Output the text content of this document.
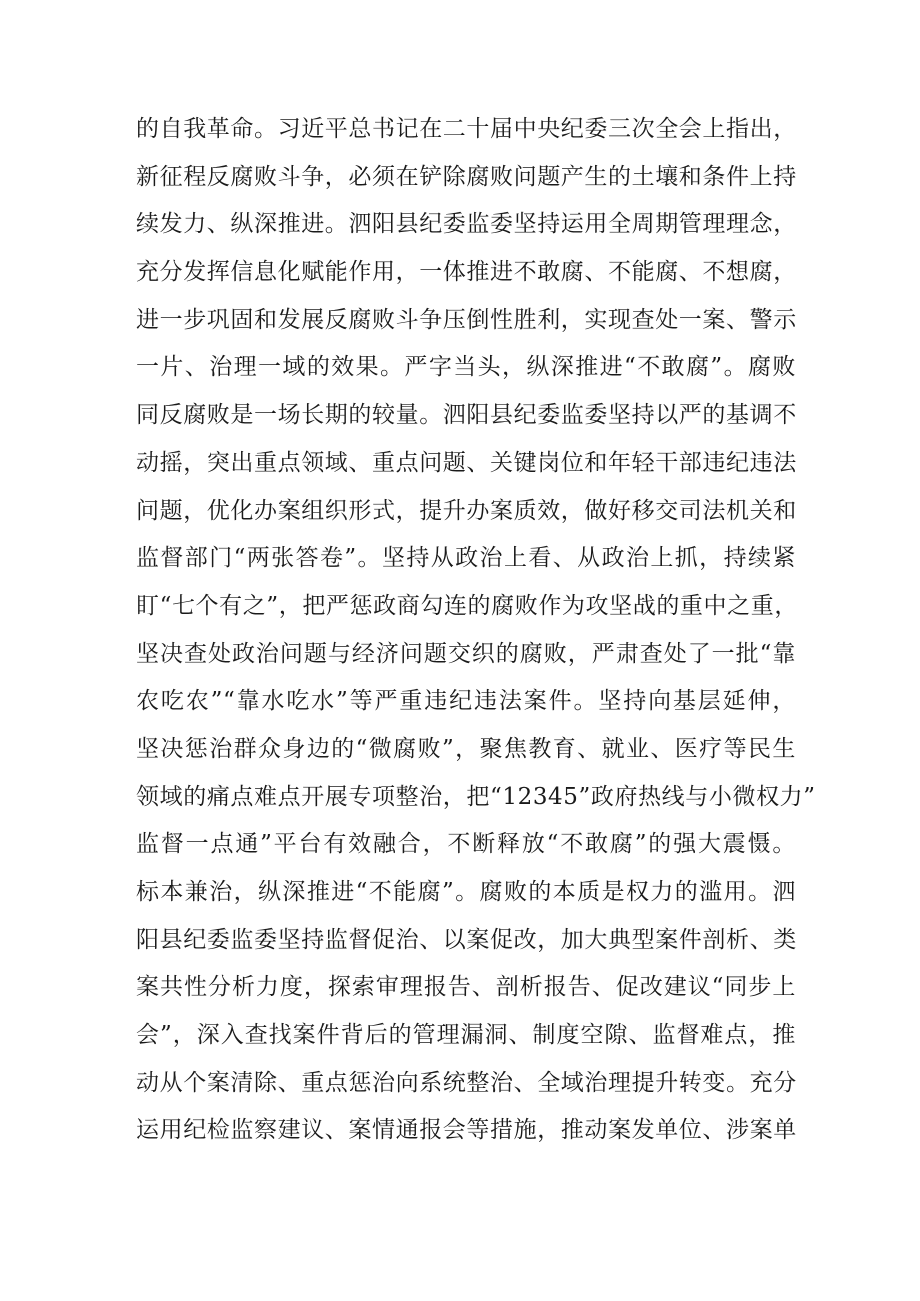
的自我革命。习近平总书记在二十届中央纪委三次全会上指出，
新征程反腐败斗争，必须在铲除腐败问题产生的土壤和条件上持
续发力、纵深推进。泗阳县纪委监委坚持运用全周期管理理念，
充分发挥信息化赋能作用，一体推进不敢腐、不能腐、不想腐，
进一步巩固和发展反腐败斗争压倒性胜利，实现查处一案、警示
一片、治理一域的效果。严字当头，纵深推进“不敢腐”。腐败
同反腐败是一场长期的较量。泗阳县纪委监委坚持以严的基调不
动摇，突出重点领域、重点问题、关键岗位和年轻干部违纪违法
问题，优化办案组织形式，提升办案质效，做好移交司法机关和
监督部门“两张答卷”。坚持从政治上看、从政治上抓，持续紧
盯“七个有之”，把严惩政商勾连的腐败作为攻坚战的重中之重，
坚决查处政治问题与经济问题交织的腐败，严肃查处了一批“靠
农吃农”“靠水吃水”等严重违纪违法案件。坚持向基层延伸，
坚决惩治群众身边的“微腐败”，聚焦教育、就业、医疗等民生
领域的痛点难点开展专项整治，把“12345”政府热线与小微权力”
监督一点通”平台有效融合，不断释放“不敢腐”的强大震慑。
标本兼治，纵深推进“不能腐”。腐败的本质是权力的滥用。泗
阳县纪委监委坚持监督促治、以案促改，加大典型案件剖析、类
案共性分析力度，探索审理报告、剖析报告、促改建议“同步上
会”，深入查找案件背后的管理漏洞、制度空隙、监督难点，推
动从个案清除、重点惩治向系统整治、全域治理提升转变。充分
运用纪检监察建议、案情通报会等措施，推动案发单位、涉案单
